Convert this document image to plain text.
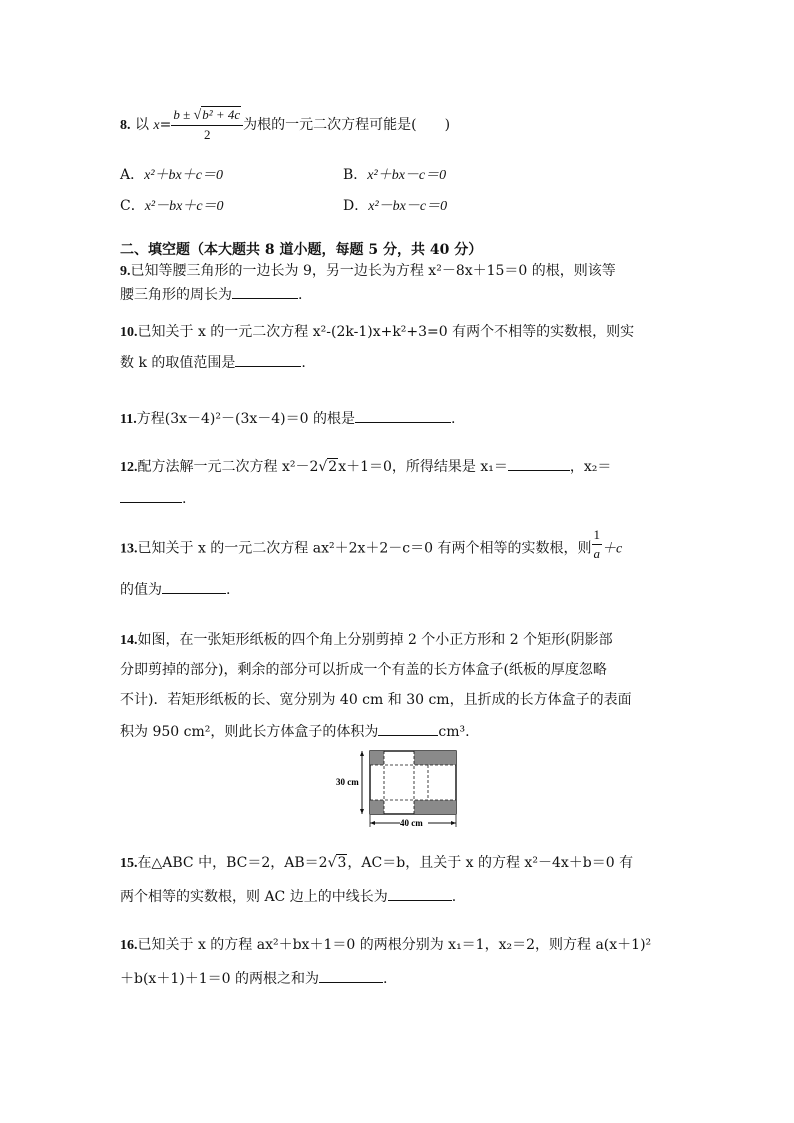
8. 以 $x= \frac{\text{b ± √b² + 4c}}{2}$ 为根的一元二次方程可能是(　　)
A．x²＋bx＋c＝0	B．x²＋bx－c＝0
C．x²－bx＋c＝0	D．x²－bx－c＝0
二、填空题（本大题共 8 道小题，每题 5 分，共 40 分）
9.已知等腰三角形的一边长为 9，另一边长为方程 x²－8x＋15＝0 的根，则该等
腰三角形的周长为	.
10.已知关于 x 的一元二次方程 x²-(2k-1)x+k²+3=0 有两个不相等的实数根，则实
数 k 的取值范围是	.
11.方程(3x－4)²－(3x－4)＝0 的根是	.
12.配方法解一元二次方程 x²－2√2x＋1＝0，所得结果是 x₁＝	，x₂＝
.
13.已知关于 x 的一元二次方程 ax²＋2x＋2－c＝0 有两个相等的实数根，则 $\frac{1}{a} +c$
的值为	.
14.如图，在一张矩形纸板的四个角上分别剪掉 2 个小正方形和 2 个矩形(阴影部
分即剪掉的部分)，剩余的部分可以折成一个有盖的长方体盒子(纸板的厚度忽略
不计)．若矩形纸板的长、宽分别为 40 cm 和 30 cm，且折成的长方体盒子的表面
积为 950 cm²，则此长方体盒子的体积为	cm³.
30 cm
40 cm
15.在△ABC 中，BC＝2，AB＝2√3，AC＝b，且关于 x 的方程 x²－4x＋b＝0 有
两个相等的实数根，则 AC 边上的中线长为	.
16.已知关于 x 的方程 ax²＋bx＋1＝0 的两根分别为 x₁＝1，x₂＝2，则方程 a(x＋1)²
＋b(x＋1)＋1＝0 的两根之和为	.
